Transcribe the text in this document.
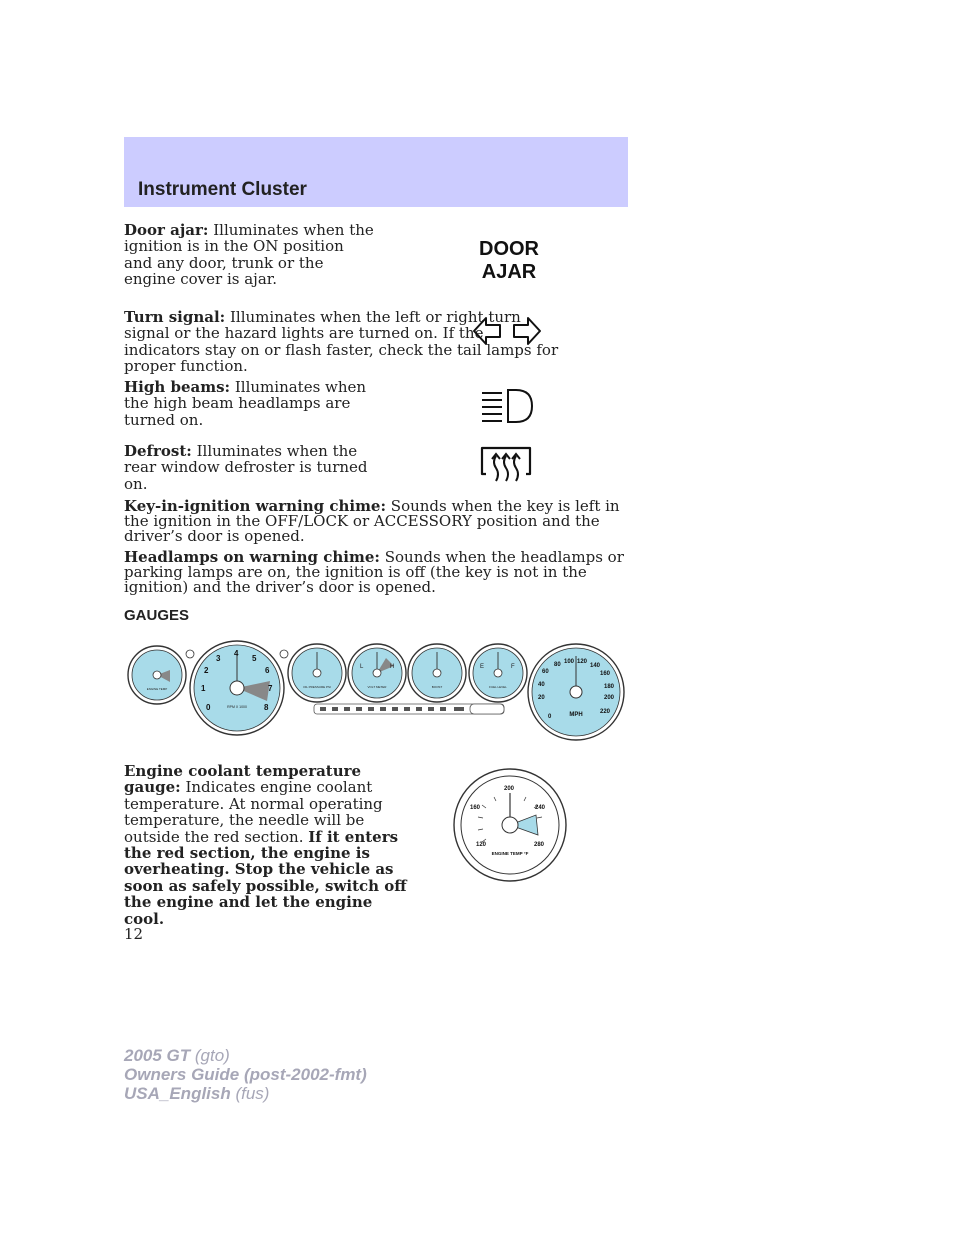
Instrument Cluster
Door ajar: Illuminates when the ignition is in the ON position and any door, trunk or the engine cover is ajar.
DOOR
AJAR
Turn signal: Illuminates when the left or right turn signal or the hazard lights are turned on. If the indicators stay on or flash faster, check the tail lamps for proper function.
High beams: Illuminates when the high beam headlamps are turned on.
Defrost: Illuminates when the rear window defroster is turned on.
Key-in-ignition warning chime: Sounds when the key is left in the ignition in the OFF/LOCK or ACCESSORY position and the driver’s door is opened.
Headlamps on warning chime: Sounds when the headlamps or parking lamps are on, the ignition is off (the key is not in the ignition) and the driver’s door is opened.
GAUGES
ENGINE TEMP
0
1
2
3
4
5
6
7
8
RPM X 1000
OIL PRESSURE PSI
L	H
VOLT METER	BOOST
E	F
FUEL LEVEL
0
20
40
60
80 100 120
140
160
180
200
220
MPH
Engine coolant temperature gauge: Indicates engine coolant temperature. At normal operating temperature, the needle will be outside the red section. If it enters the red section, the engine is overheating. Stop the vehicle as soon as safely possible, switch off the engine and let the engine cool.
120
160
200
240
280
ENGINE TEMP °F
12
2005 GT (gto)
Owners Guide (post-2002-fmt)
USA_English (fus)
